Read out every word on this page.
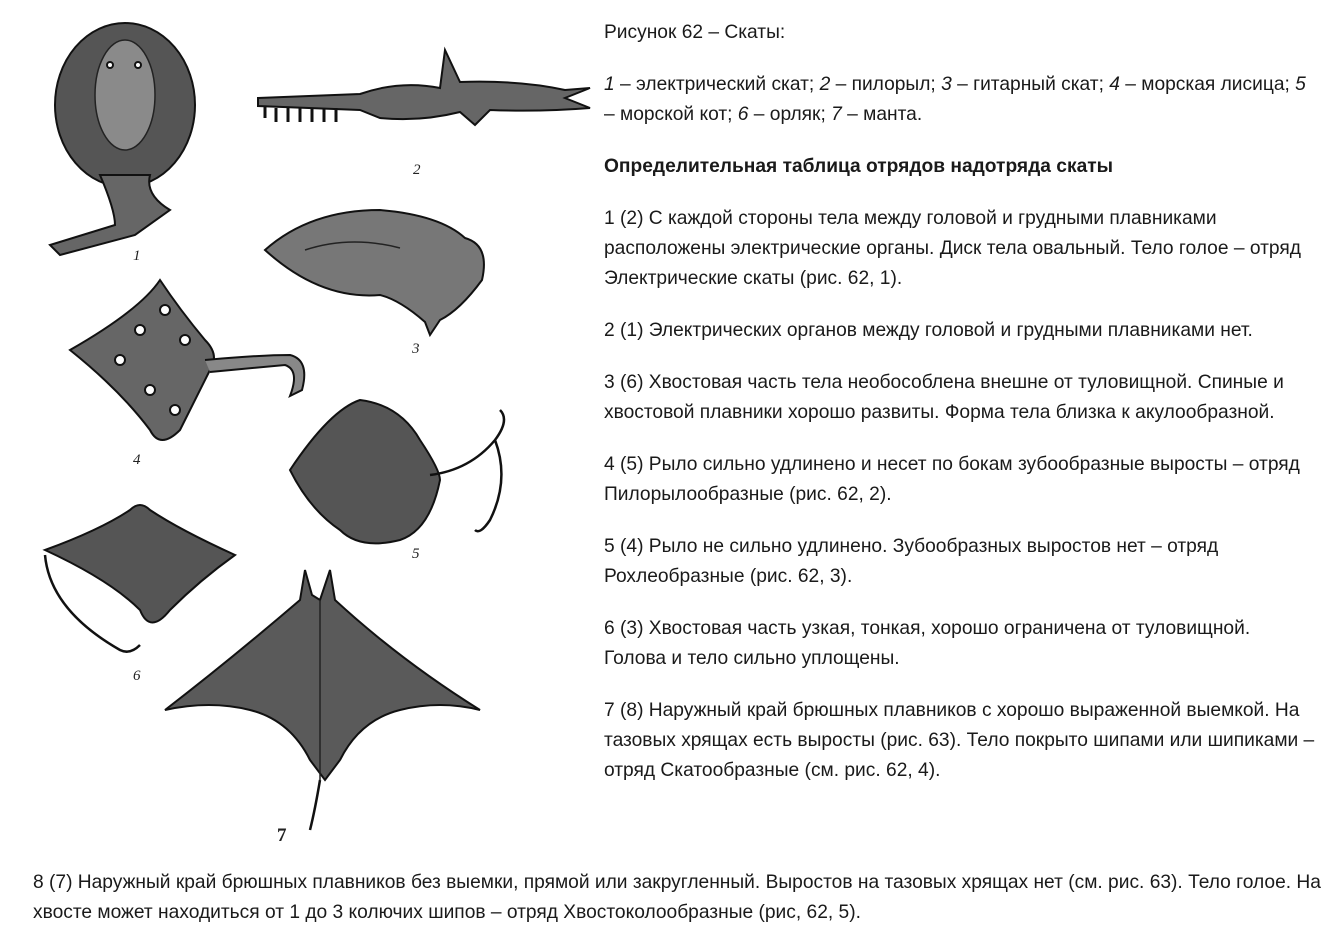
1
2
3
4
5
6
7

Рисунок 62 – Скаты:

1 – электрический скат; 2 – пилорыл; 3 – гитарный скат; 4 – морская лисица; 5 – морской кот; 6 – орляк; 7 – манта.

Определительная таблица отрядов надотряда скаты

1 (2) С каждой стороны тела между головой и грудными плавниками расположены электрические органы. Диск тела овальный. Тело голое – отряд Электрические скаты (рис. 62, 1).

2 (1) Электрических органов между головой и грудными плавниками нет.

3 (6) Хвостовая часть тела необособлена внешне от туловищной. Спиные и хвостовой плавники хорошо развиты. Форма тела близка к акулообразной.

4 (5) Рыло сильно удлинено и несет по бокам зубообразные выросты – отряд Пилорылообразные (рис. 62, 2).

5 (4) Рыло не сильно удлинено. Зубообразных выростов нет – отряд Рохлеобразные (рис. 62, 3).

6 (3) Хвостовая часть узкая, тонкая, хорошо ограничена от туловищной. Голова и тело сильно уплощены.

7 (8) Наружный край брюшных плавников с хорошо выраженной выемкой. На тазовых хрящах есть выросты (рис. 63). Тело покрыто шипами или шипиками – отряд Скатообразные (см. рис. 62, 4).

8 (7) Наружный край брюшных плавников без выемки, прямой или закругленный. Выростов на тазовых хрящах нет (см. рис. 63). Тело голое. На хвосте может находиться от 1 до 3 колючих шипов – отряд Хвостоколообразные (рис, 62, 5).
